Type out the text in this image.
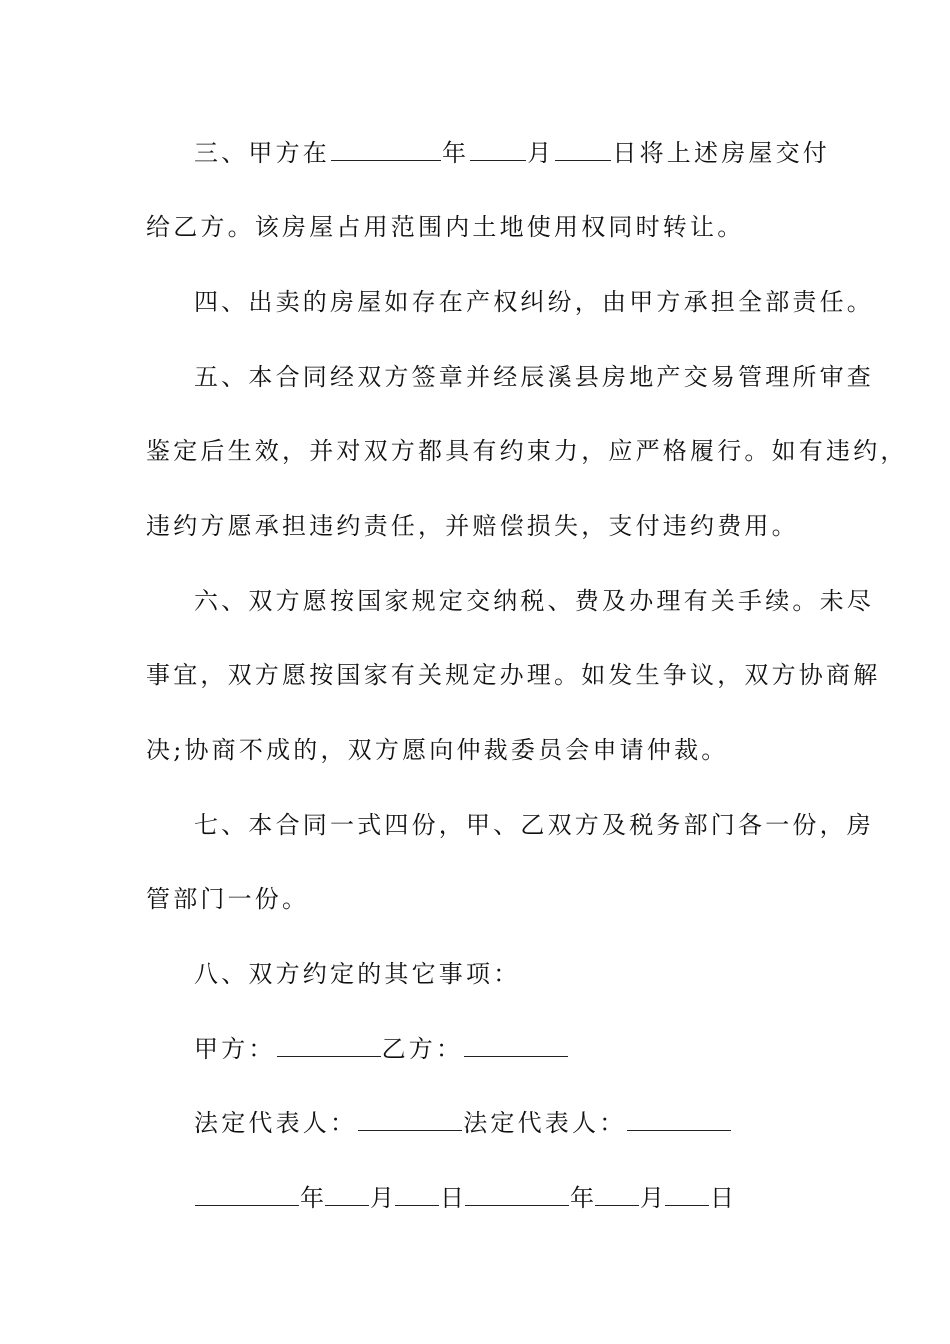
三、甲方在	年 月 日将上述房屋交付
给乙方。该房屋占用范围内土地使用权同时转让。
四、出卖的房屋如存在产权纠纷，由甲方承担全部责任。
五、本合同经双方签章并经辰溪县房地产交易管理所审查
鉴定后生效，并对双方都具有约束力，应严格履行。如有违约，
违约方愿承担违约责任，并赔偿损失，支付违约费用。
六、双方愿按国家规定交纳税、费及办理有关手续。未尽
事宜，双方愿按国家有关规定办理。如发生争议，双方协商解
决;协商不成的，双方愿向仲裁委员会申请仲裁。
七、本合同一式四份，甲、乙双方及税务部门各一份，房
管部门一份。
八、双方约定的其它事项：
甲方：	乙方：
法定代表人：	法定代表人：
年 月 日	年 月 日
